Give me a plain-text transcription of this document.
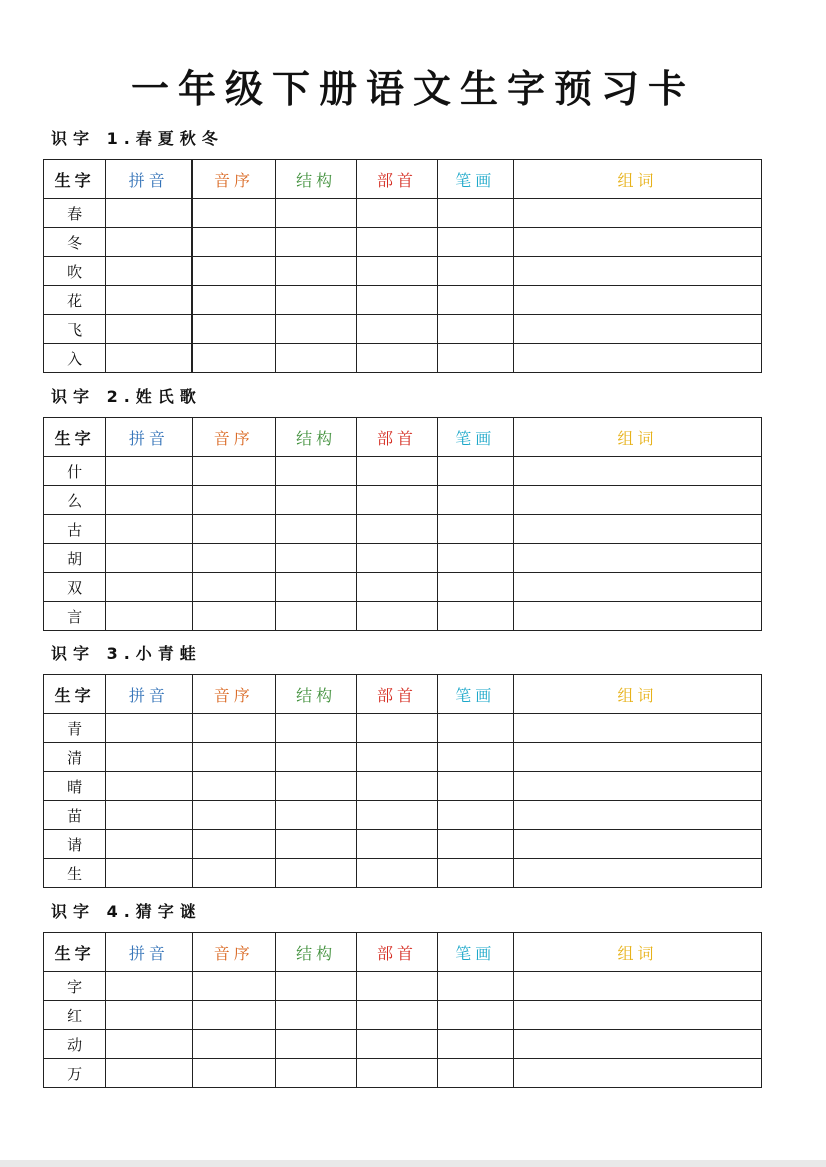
一年级下册语文生字预习卡
识字 1.春夏秋冬
生字	拼音	音序	结构	部首	笔画	组词
春						
冬						
吹						
花						
飞						
入						
识字 2.姓氏歌
生字	拼音	音序	结构	部首	笔画	组词
什						
么						
古						
胡						
双						
言						
识字 3.小青蛙
生字	拼音	音序	结构	部首	笔画	组词
青						
清						
晴						
苗						
请						
生						
识字 4.猜字谜
生字	拼音	音序	结构	部首	笔画	组词
字						
红						
动						
万						
